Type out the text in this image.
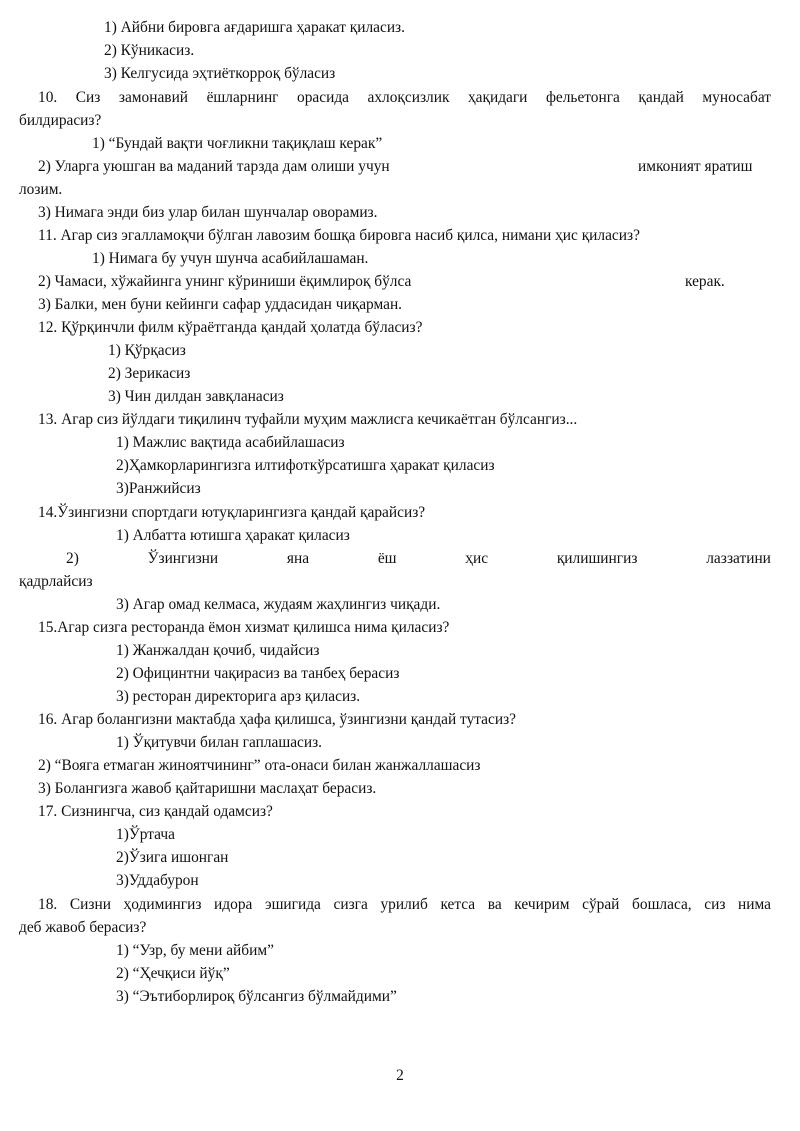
1) Айбни бировга ағдаришга ҳаракат қиласиз.
2) Кўникасиз.
3) Келгусида эҳтиёткорроқ бўласиз
10. Сиз замонавий ёшларнинг орасида ахлоқсизлик ҳақидаги фельетонга қандай муносабат
билдирасиз?
1) “Бундай вақти чоғликни тақиқлаш керак”
2) Уларга уюшган ва маданий тарзда дам олиши учун	имконият яратиш
лозим.
3) Нимага энди биз улар билан шунчалар оворамиз.
11. Агар сиз эгалламоқчи бўлган лавозим бошқа бировга насиб қилса, нимани ҳис қиласиз?
1) Нимага бу учун шунча асабийлашаман.
2) Чамаси, хўжайинга унинг кўриниши ёқимлироқ бўлса	керак.
3) Балки, мен буни кейинги сафар уддасидан чиқарман.
12. Қўрқинчли филм кўраётганда қандай ҳолатда бўласиз?
1) Қўрқасиз
2) Зерикасиз
3) Чин дилдан завқланасиз
13. Агар сиз йўлдаги тиқилинч туфайли муҳим мажлисга кечикаётган бўлсангиз...
1) Мажлис вақтида асабийлашасиз
2)Ҳамкорларингизга илтифоткўрсатишга ҳаракат қиласиз
3)Ранжийсиз
14.Ўзингизни спортдаги ютуқларингизга қандай қарайсиз?
1) Албатта ютишга ҳаракат қиласиз
2)	Ўзингизни	яна	ёш	ҳис	қилишингиз	лаззатини
қадрлайсиз
3) Агар омад келмаса, жудаям жаҳлингиз чиқади.
15.Агар сизга ресторанда ёмон хизмат қилишса нима қиласиз?
1) Жанжалдан қочиб, чидайсиз
2) Официнтни чақирасиз ва танбеҳ берасиз
3) ресторан директорига арз қиласиз.
16. Агар болангизни мактабда ҳафа қилишса, ўзингизни қандай тутасиз?
1) Ўқитувчи билан гаплашасиз.
2) “Вояга етмаган жиноятчининг” ота-онаси билан жанжаллашасиз
3) Болангизга жавоб қайтаришни маслаҳат берасиз.
17. Сизнингча, сиз қандай одамсиз?
1)Ўртача
2)Ўзига ишонган
3)Уддабурон
18. Сизни ҳодимингиз идора эшигида сизга урилиб кетса ва кечирим сўрай бошласа, сиз нима
деб жавоб берасиз?
1) “Узр, бу мени айбим”
2) “Ҳечқиси йўқ”
3) “Эътиборлироқ бўлсангиз бўлмайдими”
2
